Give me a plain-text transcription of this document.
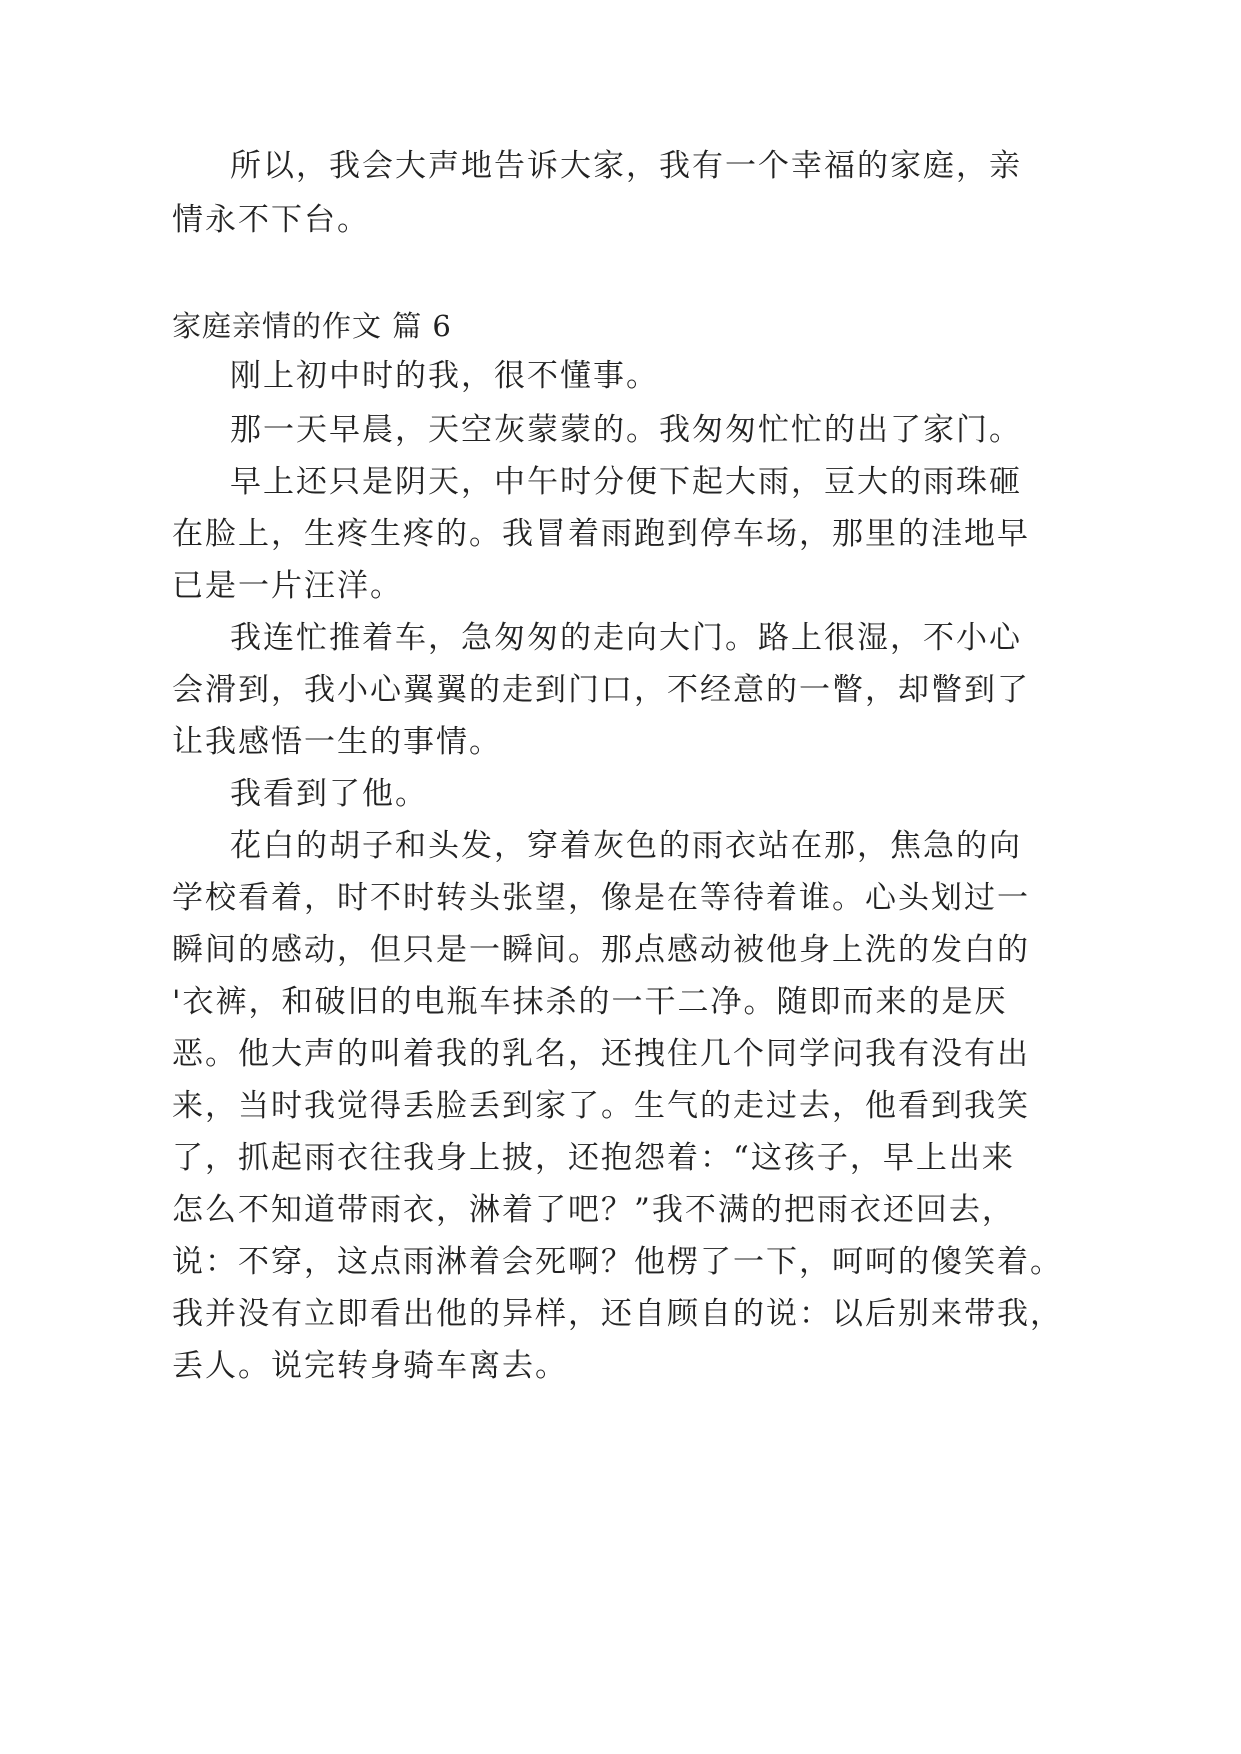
所以，我会大声地告诉大家，我有一个幸福的家庭，亲
情永不下台。
家庭亲情的作文 篇 6
刚上初中时的我，很不懂事。
那一天早晨，天空灰蒙蒙的。我匆匆忙忙的出了家门。
早上还只是阴天，中午时分便下起大雨，豆大的雨珠砸
在脸上，生疼生疼的。我冒着雨跑到停车场，那里的洼地早
已是一片汪洋。
我连忙推着车，急匆匆的走向大门。路上很湿，不小心
会滑到，我小心翼翼的走到门口，不经意的一瞥，却瞥到了
让我感悟一生的事情。
我看到了他。
花白的胡子和头发，穿着灰色的雨衣站在那，焦急的向
学校看着，时不时转头张望，像是在等待着谁。心头划过一
瞬间的感动，但只是一瞬间。那点感动被他身上洗的发白的
'衣裤，和破旧的电瓶车抹杀的一干二净。随即而来的是厌
恶。他大声的叫着我的乳名，还拽住几个同学问我有没有出
来，当时我觉得丢脸丢到家了。生气的走过去，他看到我笑
了，抓起雨衣往我身上披，还抱怨着：“这孩子，早上出来
怎么不知道带雨衣，淋着了吧？”我不满的把雨衣还回去，
说：不穿，这点雨淋着会死啊？他楞了一下，呵呵的傻笑着。
我并没有立即看出他的异样，还自顾自的说：以后别来带我，
丢人。说完转身骑车离去。
